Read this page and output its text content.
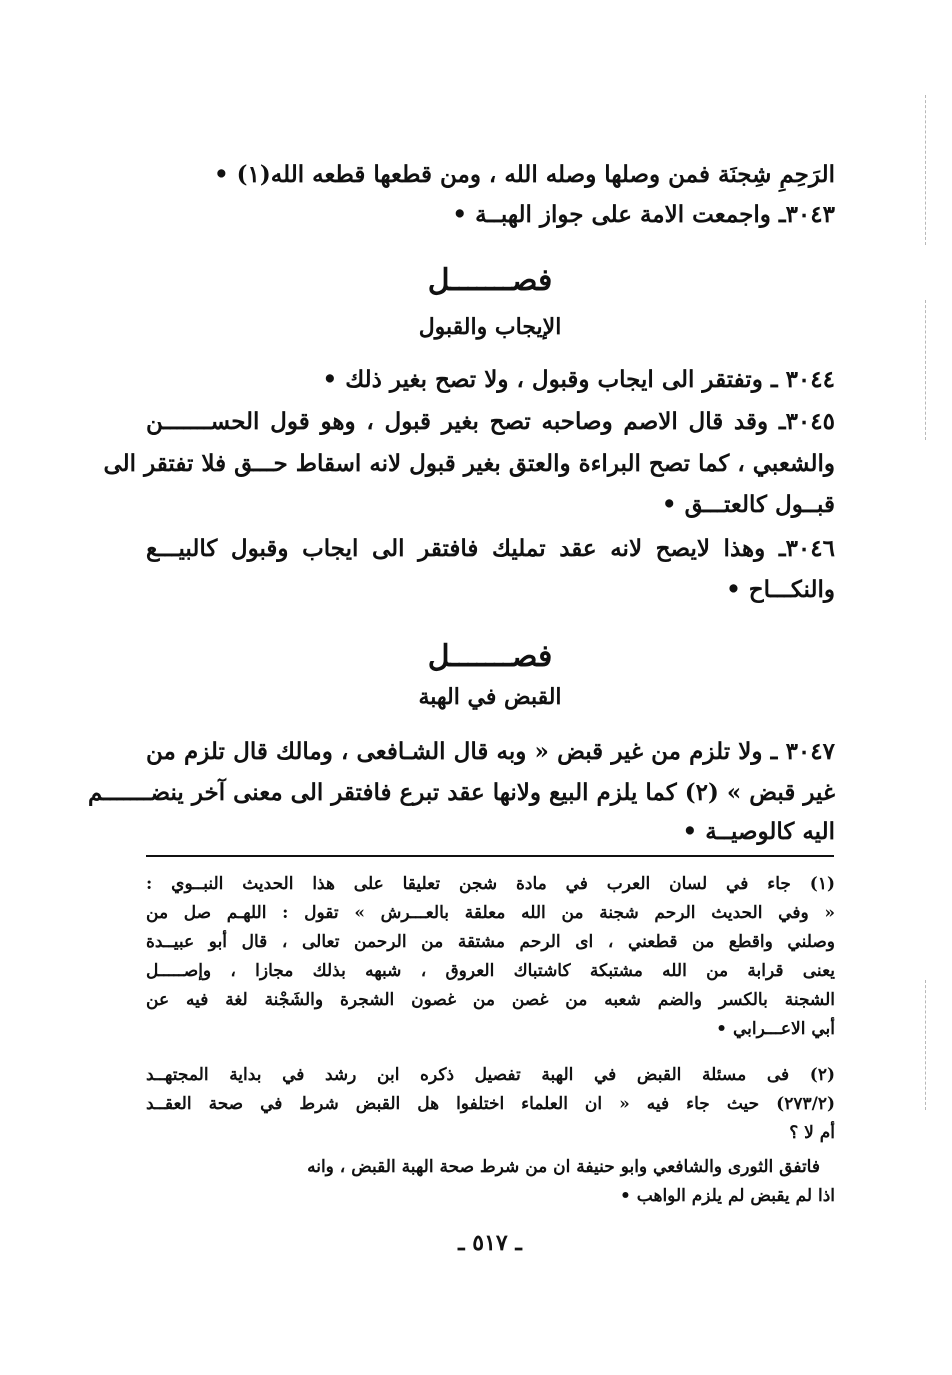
الرَحِمِ شِجنَة فمن وصلها وصله الله ، ومن قطعها قطعه الله(١) •
٣٠٤٣ـ واجمعت الامة على جواز الهبــة •
فصـــــــل
الإيجاب والقبول
٣٠٤٤ ـ وتفتقر الى ايجاب وقبول ، ولا تصح بغير ذلك •
٣٠٤٥ـ وقد قال الاصم وصاحبه تصح بغير قبول ، وهو قول الحســـــــن
والشعبي ، كما تصح البراءة والعتق بغير قبول لانه اسقاط حـــق فلا تفتقر الى
قبــول كالعتـــق •
٣٠٤٦ـ وهذا لايصح لانه عقد تمليك فافتقر الى ايجاب وقبول كالبيـــع
والنكـــاح •
فصـــــــل
القبض في الهبة
٣٠٤٧ ـ ولا تلزم من غير قبض « وبه قال الشـافعى ، ومالك قال تلزم من
غير قبض » (٢) كما يلزم البيع ولانها عقد تبرع فافتقر الى معنى آخر ينضـــــــم
اليه كالوصيــة •
(١) جاء في لسان العرب في مادة شجن تعليقا على هذا الحديث النبــوي :
« وفي الحديث الرحم شجنة من الله معلقة بالعـــرش » تقول : اللهـم صل من
وصلني واقطع من قطعني ، اى الرحم مشتقة من الرحمن تعالى ، قال أبو عبيــدة
يعنى قرابة من الله مشتبكة كاشتباك العروق ، شبهه بذلك مجازا ، وإصـــــل
الشجنة بالكسر والضم شعبه من غصن من غصون الشجرة والشَجْنة لغة فيه عن
أبي الاعـــرابي •
(٢) فى مسئلة القبض في الهبة تفصيل ذكره ابن رشد في بداية المجتهــد
(٢٧٣/٢) حيث جاء فيه « ان العلماء اختلفوا هل القبض شرط في صحة العقــد
أم لا ؟
فاتفق الثورى والشافعي وابو حنيفة ان من شرط صحة الهبة القبض ، وانه
اذا لم يقبض لم يلزم الواهب •
ـ ٥١٧ ـ
